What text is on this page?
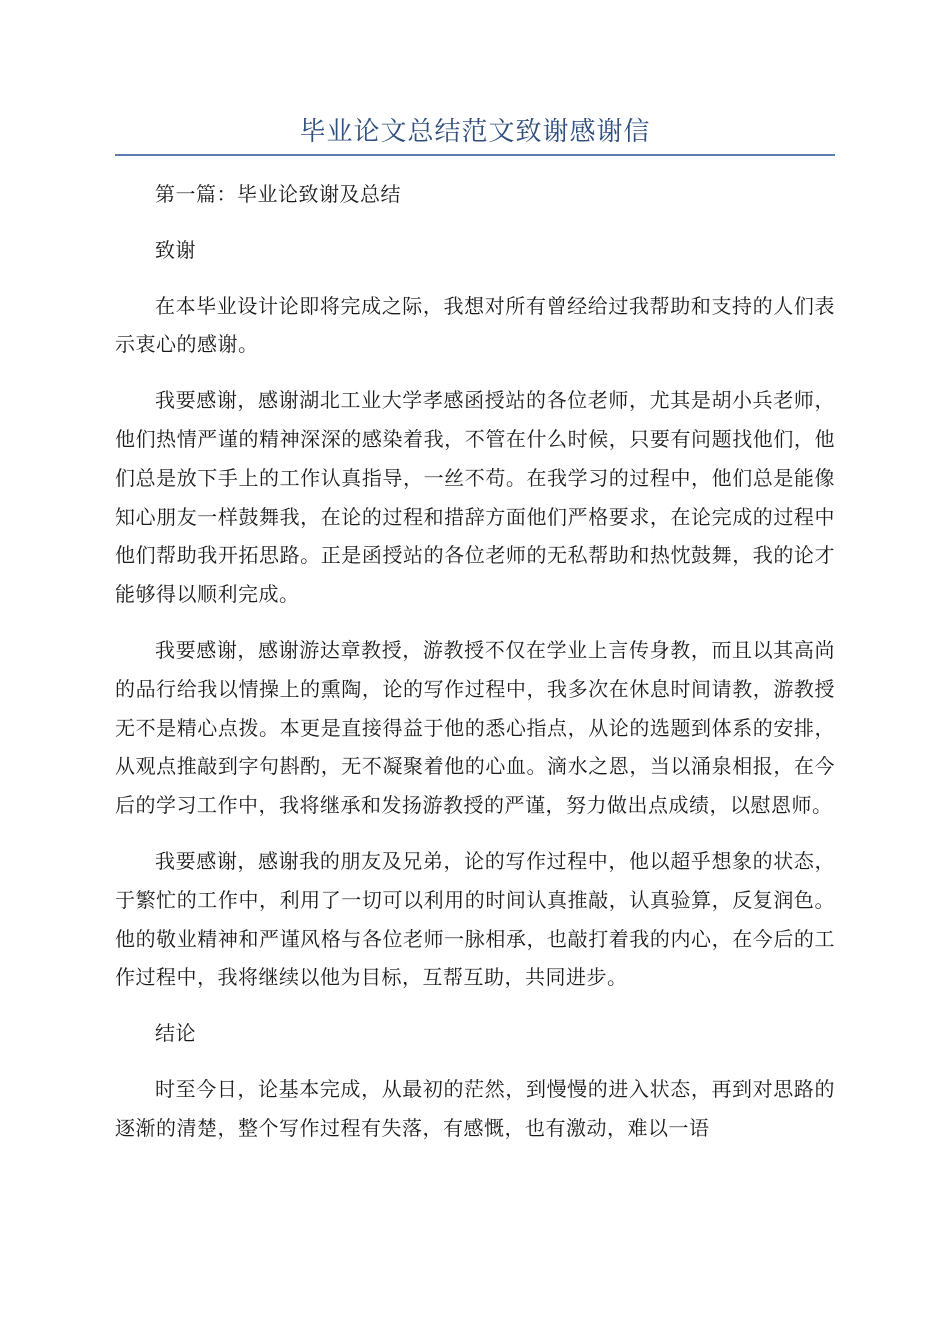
毕业论文总结范文致谢感谢信

第一篇：毕业论致谢及总结

致谢

在本毕业设计论即将完成之际，我想对所有曾经给过我帮助和支持的人们表示衷心的感谢。

我要感谢，感谢湖北工业大学孝感函授站的各位老师，尤其是胡小兵老师，他们热情严谨的精神深深的感染着我，不管在什么时候，只要有问题找他们，他们总是放下手上的工作认真指导，一丝不苟。在我学习的过程中，他们总是能像知心朋友一样鼓舞我，在论的过程和措辞方面他们严格要求，在论完成的过程中他们帮助我开拓思路。正是函授站的各位老师的无私帮助和热忱鼓舞，我的论才能够得以顺利完成。

我要感谢，感谢游达章教授，游教授不仅在学业上言传身教，而且以其高尚的品行给我以情操上的熏陶，论的写作过程中，我多次在休息时间请教，游教授无不是精心点拨。本更是直接得益于他的悉心指点，从论的选题到体系的安排，从观点推敲到字句斟酌，无不凝聚着他的心血。滴水之恩，当以涌泉相报，在今后的学习工作中，我将继承和发扬游教授的严谨，努力做出点成绩，以慰恩师。

我要感谢，感谢我的朋友及兄弟，论的写作过程中，他以超乎想象的状态，于繁忙的工作中，利用了一切可以利用的时间认真推敲，认真验算，反复润色。他的敬业精神和严谨风格与各位老师一脉相承，也敲打着我的内心，在今后的工作过程中，我将继续以他为目标，互帮互助，共同进步。

结论

时至今日，论基本完成，从最初的茫然，到慢慢的进入状态，再到对思路的逐渐的清楚，整个写作过程有失落，有感慨，也有激动，难以一语
